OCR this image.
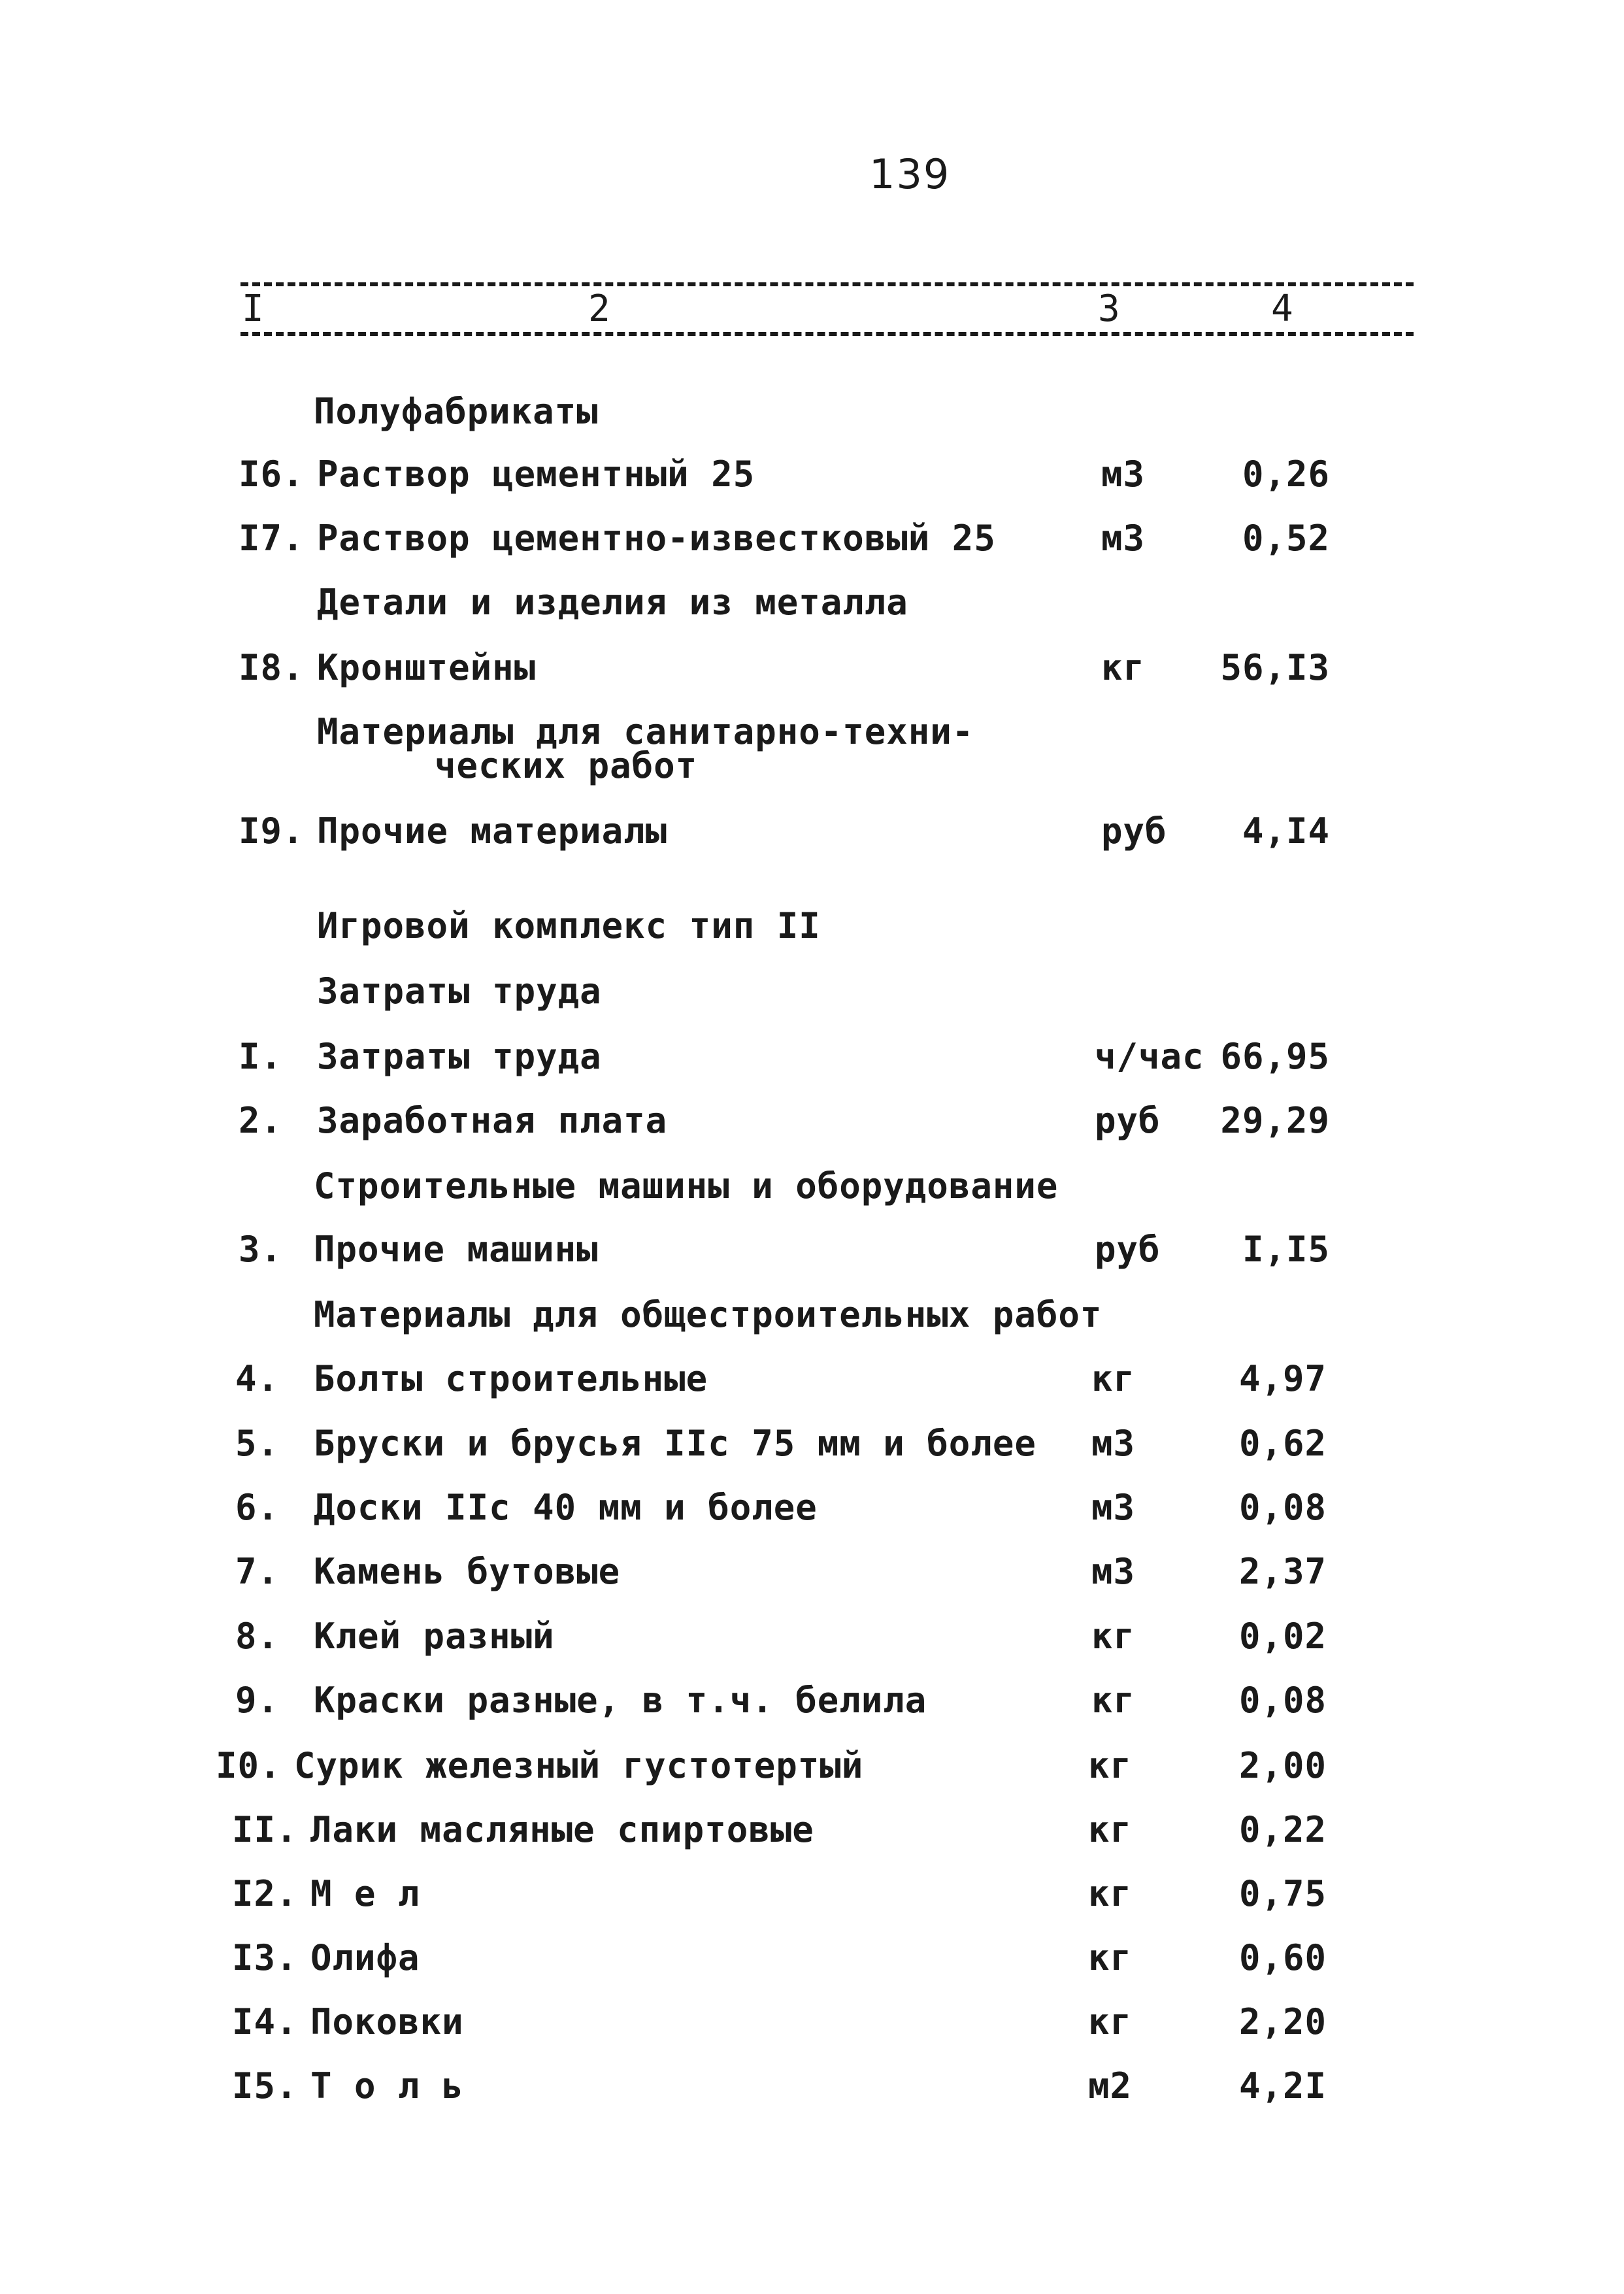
139
I	2	3	4
Полуфабрикаты
I6. Раствор цементный 25	м3	0,26
I7. Раствор цементно-известковый 25	м3	0,52
Детали и изделия из металла
I8. Кронштейны	кг	56,I3
Материалы для санитарно-техни-
ческих работ
I9. Прочие материалы	руб	4,I4
Игровой комплекс тип II
Затраты труда
I. Затраты труда	ч/час 66,95
2. Заработная плата	руб	29,29
Строительные машины и оборудование
3. Прочие машины	руб	I,I5
Материалы для общестроительных работ
4. Болты строительные	кг	4,97
5. Бруски и брусья IIс 75 мм и более м3	0,62
6. Доски IIс 40 мм и более	м3	0,08
7. Камень бутовые	м3	2,37
8. Клей разный	кг	0,02
9. Краски разные, в т.ч. белила	кг	0,08
I0. Сурик железный густотертый	кг	2,00
II. Лаки масляные спиртовые	кг	0,22
I2. М е л	кг	0,75
I3. Олифа	кг	0,60
I4. Поковки	кг	2,20
I5. Т о л ь	м2	4,2I
